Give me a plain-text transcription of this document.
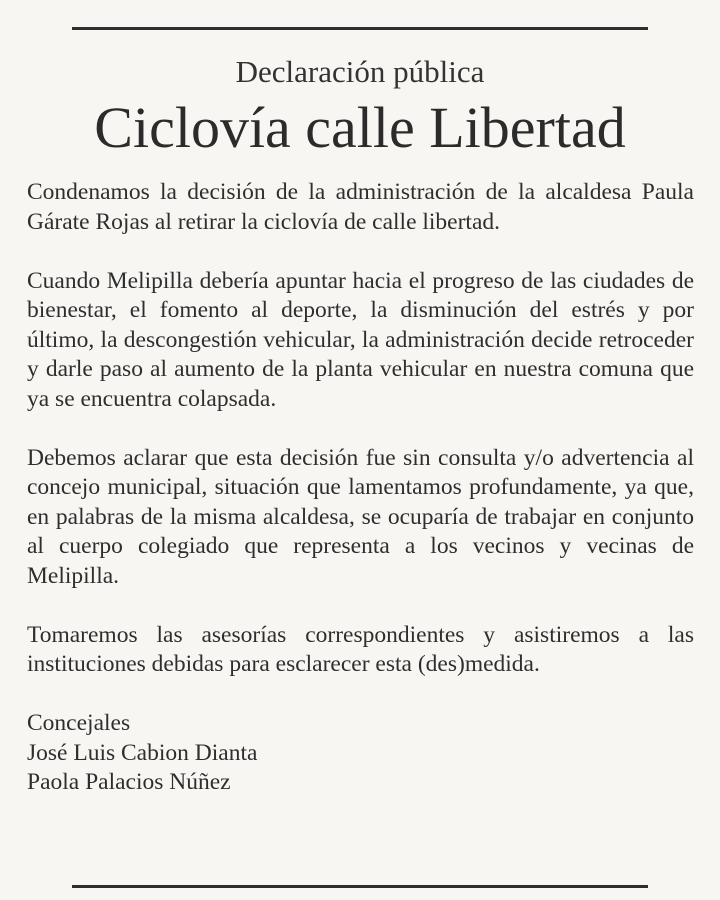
Declaración pública
Ciclovía calle Libertad

Condenamos la decisión de la administración de la alcaldesa Paula Gárate Rojas al retirar la ciclovía de calle libertad.

Cuando Melipilla debería apuntar hacia el progreso de las ciudades de bienestar, el fomento al deporte, la disminución del estrés y por último, la descongestión vehicular, la administración decide retroceder y darle paso al aumento de la planta vehicular en nuestra comuna que ya se encuentra colapsada.

Debemos aclarar que esta decisión fue sin consulta y/o advertencia al concejo municipal, situación que lamentamos profundamente, ya que, en palabras de la misma alcaldesa, se ocuparía de trabajar en conjunto al cuerpo colegiado que representa a los vecinos y vecinas de Melipilla.

Tomaremos las asesorías correspondientes y asistiremos a las instituciones debidas para esclarecer esta (des)medida.

Concejales
José Luis Cabion Dianta
Paola Palacios Núñez
